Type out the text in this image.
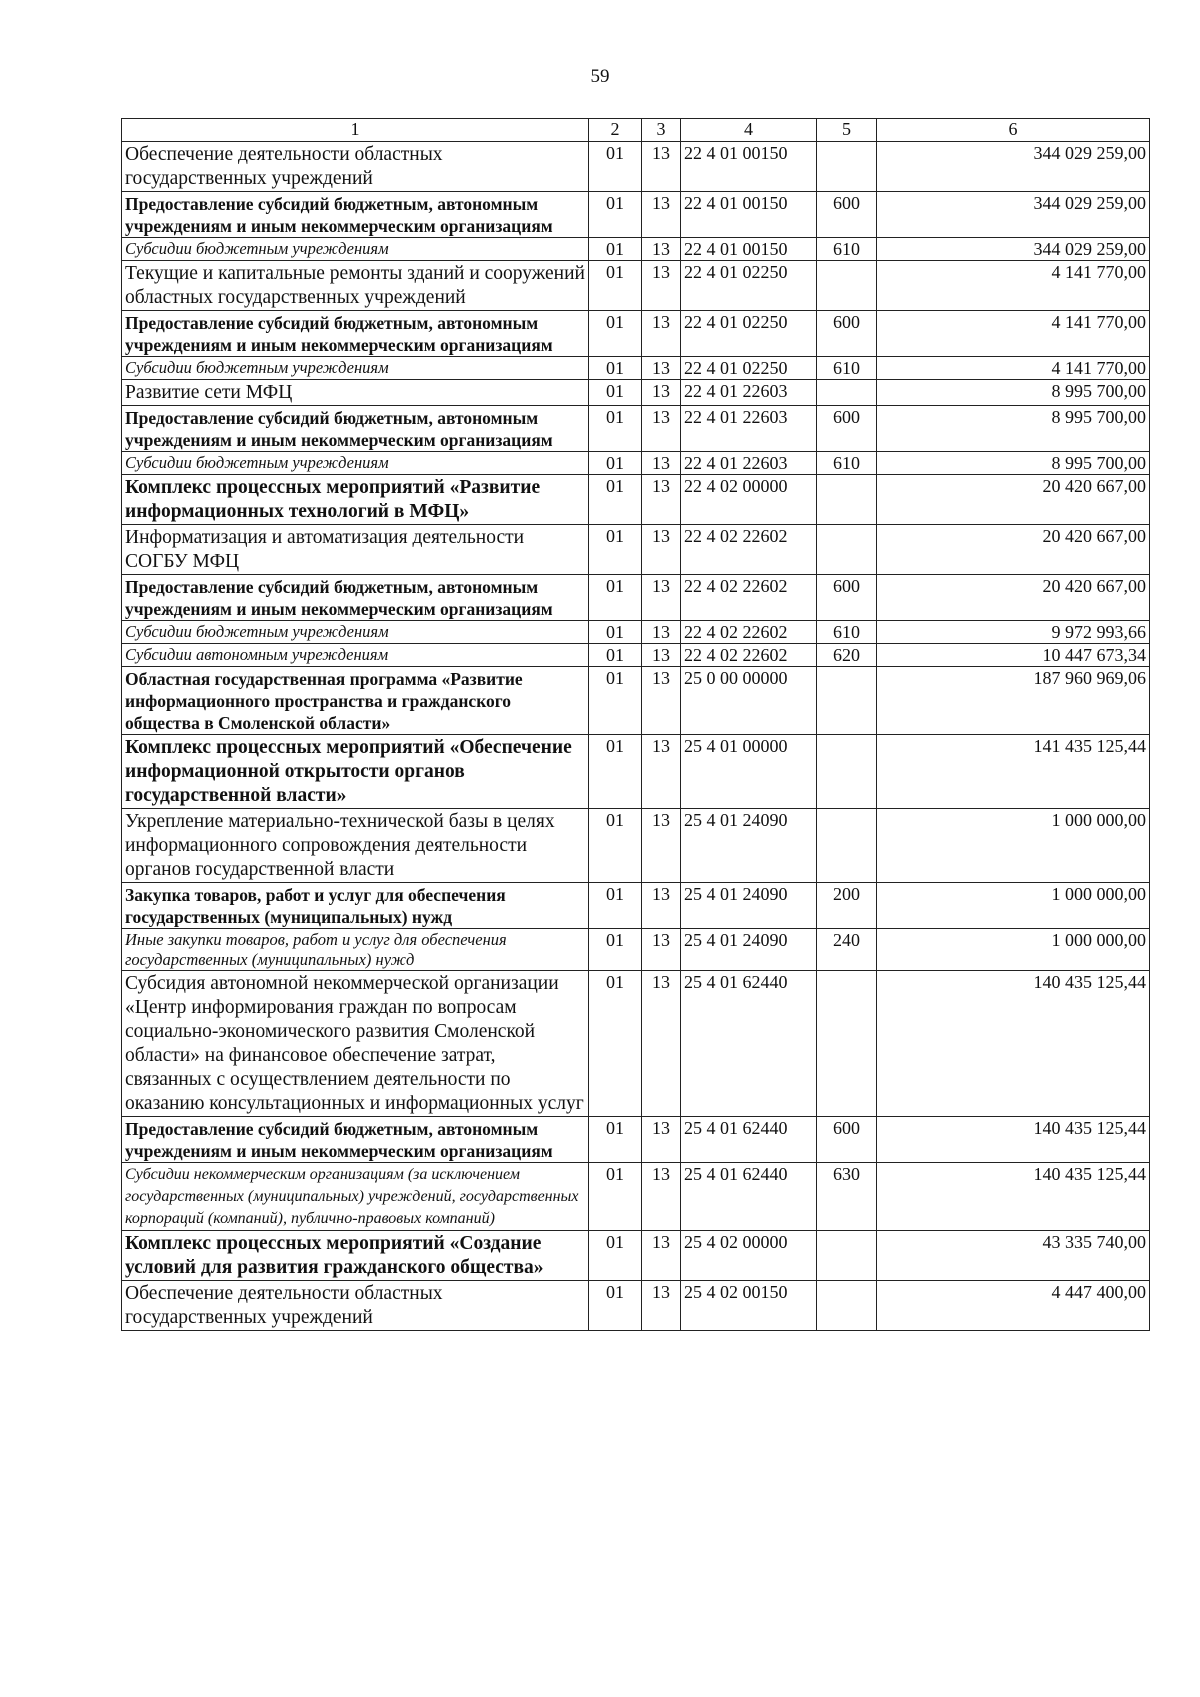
59
1	2	3	4	5	6
Обеспечение деятельности областных государственных учреждений	01	13	22 4 01 00150		344 029 259,00
Предоставление субсидий бюджетным, автономным учреждениям и иным некоммерческим организациям	01	13	22 4 01 00150	600	344 029 259,00
Субсидии бюджетным учреждениям	01	13	22 4 01 00150	610	344 029 259,00
Текущие и капитальные ремонты зданий и сооружений областных государственных учреждений	01	13	22 4 01 02250		4 141 770,00
Предоставление субсидий бюджетным, автономным учреждениям и иным некоммерческим организациям	01	13	22 4 01 02250	600	4 141 770,00
Субсидии бюджетным учреждениям	01	13	22 4 01 02250	610	4 141 770,00
Развитие сети МФЦ	01	13	22 4 01 22603		8 995 700,00
Предоставление субсидий бюджетным, автономным учреждениям и иным некоммерческим организациям	01	13	22 4 01 22603	600	8 995 700,00
Субсидии бюджетным учреждениям	01	13	22 4 01 22603	610	8 995 700,00
Комплекс процессных мероприятий «Развитие информационных технологий в МФЦ»	01	13	22 4 02 00000		20 420 667,00
Информатизация и автоматизация деятельности СОГБУ МФЦ	01	13	22 4 02 22602		20 420 667,00
Предоставление субсидий бюджетным, автономным учреждениям и иным некоммерческим организациям	01	13	22 4 02 22602	600	20 420 667,00
Субсидии бюджетным учреждениям	01	13	22 4 02 22602	610	9 972 993,66
Субсидии автономным учреждениям	01	13	22 4 02 22602	620	10 447 673,34
Областная государственная программа «Развитие информационного пространства и гражданского общества в Смоленской области»	01	13	25 0 00 00000		187 960 969,06
Комплекс процессных мероприятий «Обеспечение информационной открытости органов государственной власти»	01	13	25 4 01 00000		141 435 125,44
Укрепление материально-технической базы в целях информационного сопровождения деятельности органов государственной власти	01	13	25 4 01 24090		1 000 000,00
Закупка товаров, работ и услуг для обеспечения государственных (муниципальных) нужд	01	13	25 4 01 24090	200	1 000 000,00
Иные закупки товаров, работ и услуг для обеспечения государственных (муниципальных) нужд	01	13	25 4 01 24090	240	1 000 000,00
Субсидия автономной некоммерческой организации «Центр информирования граждан по вопросам социально-экономического развития Смоленской области» на финансовое обеспечение затрат, связанных с осуществлением деятельности по оказанию консультационных и информационных услуг	01	13	25 4 01 62440		140 435 125,44
Предоставление субсидий бюджетным, автономным учреждениям и иным некоммерческим организациям	01	13	25 4 01 62440	600	140 435 125,44
Субсидии некоммерческим организациям (за исключением государственных (муниципальных) учреждений, государственных корпораций (компаний), публично-правовых компаний)	01	13	25 4 01 62440	630	140 435 125,44
Комплекс процессных мероприятий «Создание условий для развития гражданского общества»	01	13	25 4 02 00000		43 335 740,00
Обеспечение деятельности областных государственных учреждений	01	13	25 4 02 00150		4 447 400,00
